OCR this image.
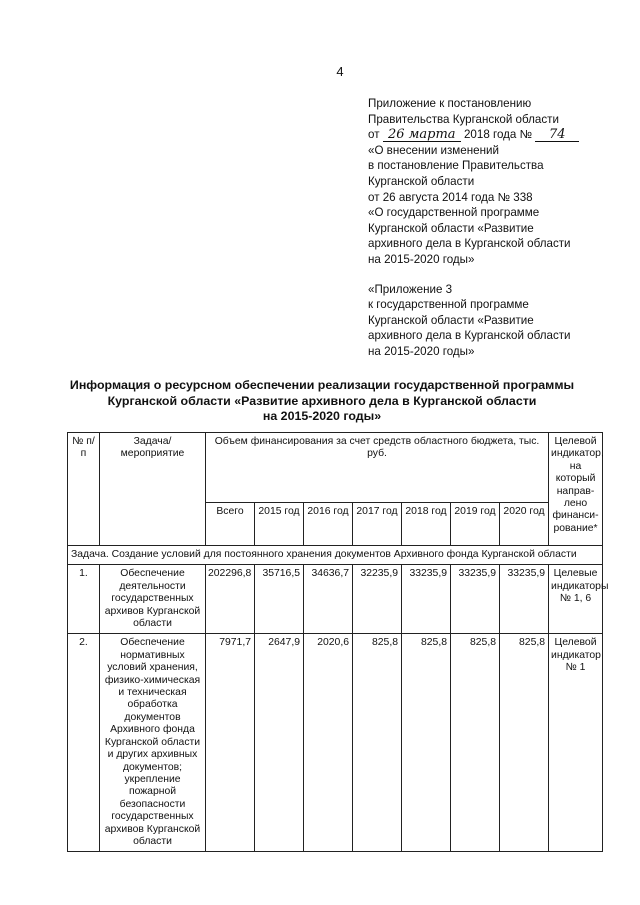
4
Приложение к постановлению
Правительства Курганской области
от 26 марта 2018 года № 74
«О внесении изменений
в постановление Правительства
Курганской области
от 26 августа 2014 года № 338
«О государственной программе
Курганской области «Развитие
архивного дела в Курганской области
на 2015-2020 годы»
«Приложение 3
к государственной программе
Курганской области «Развитие
архивного дела в Курганской области
на 2015-2020 годы»
Информация о ресурсном обеспечении реализации государственной программы
Курганской области «Развитие архивного дела в Курганской области
на 2015-2020 годы»
№ п/п	Задача/ мероприятие	Объем финансирования за счет средств областного бюджета, тыс. руб.							Целевой индикатор, на который направ- лено финанси- рование*
		Всего	2015 год	2016 год	2017 год	2018 год	2019 год	2020 год	
Задача. Создание условий для постоянного хранения документов Архивного фонда Курганской области									
1.	Обеспечение деятельности государственных архивов Курганской области	202296,8	35716,5	34636,7	32235,9	33235,9	33235,9	33235,9	Целевые индикаторы № 1, 6
2.	Обеспечение нормативных условий хранения, физико-химическая и техническая обработка документов Архивного фонда Курганской области и других архивных документов; укрепление пожарной безопасности государственных архивов Курганской области	7971,7	2647,9	2020,6	825,8	825,8	825,8	825,8	Целевой индикатор № 1
